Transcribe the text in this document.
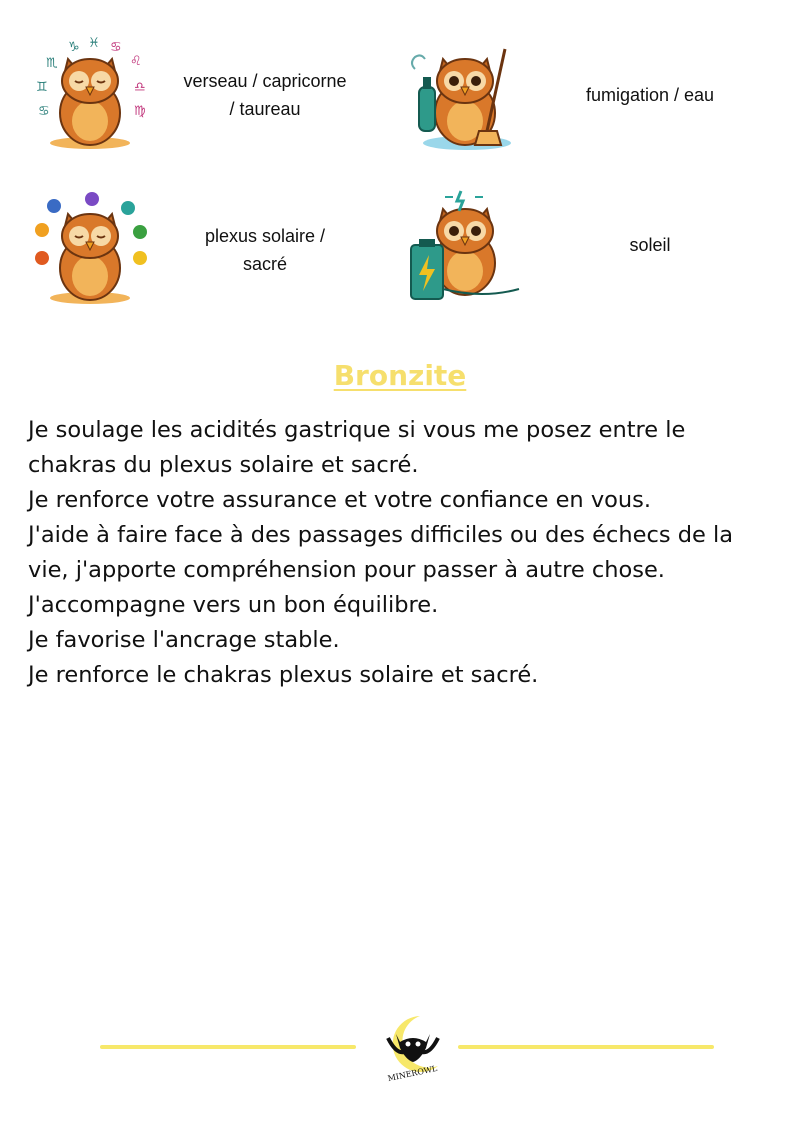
♏
♑ ♓ ♋
♌
♊	♎
♋	♍
verseau / capricorne
/ taureau
fumigation / eau
plexus solaire /
sacré
soleil
Bronzite

Je soulage les acidités gastrique si vous me posez entre le chakras du plexus solaire et sacré.

Je renforce votre assurance et votre confiance en vous.

J'aide à faire face à des passages difficiles ou des échecs de la vie, j'apporte compréhension pour passer à autre chose.

J'accompagne vers un bon équilibre.

Je favorise l'ancrage stable.

Je renforce le chakras plexus solaire et sacré.

MINEROWL
